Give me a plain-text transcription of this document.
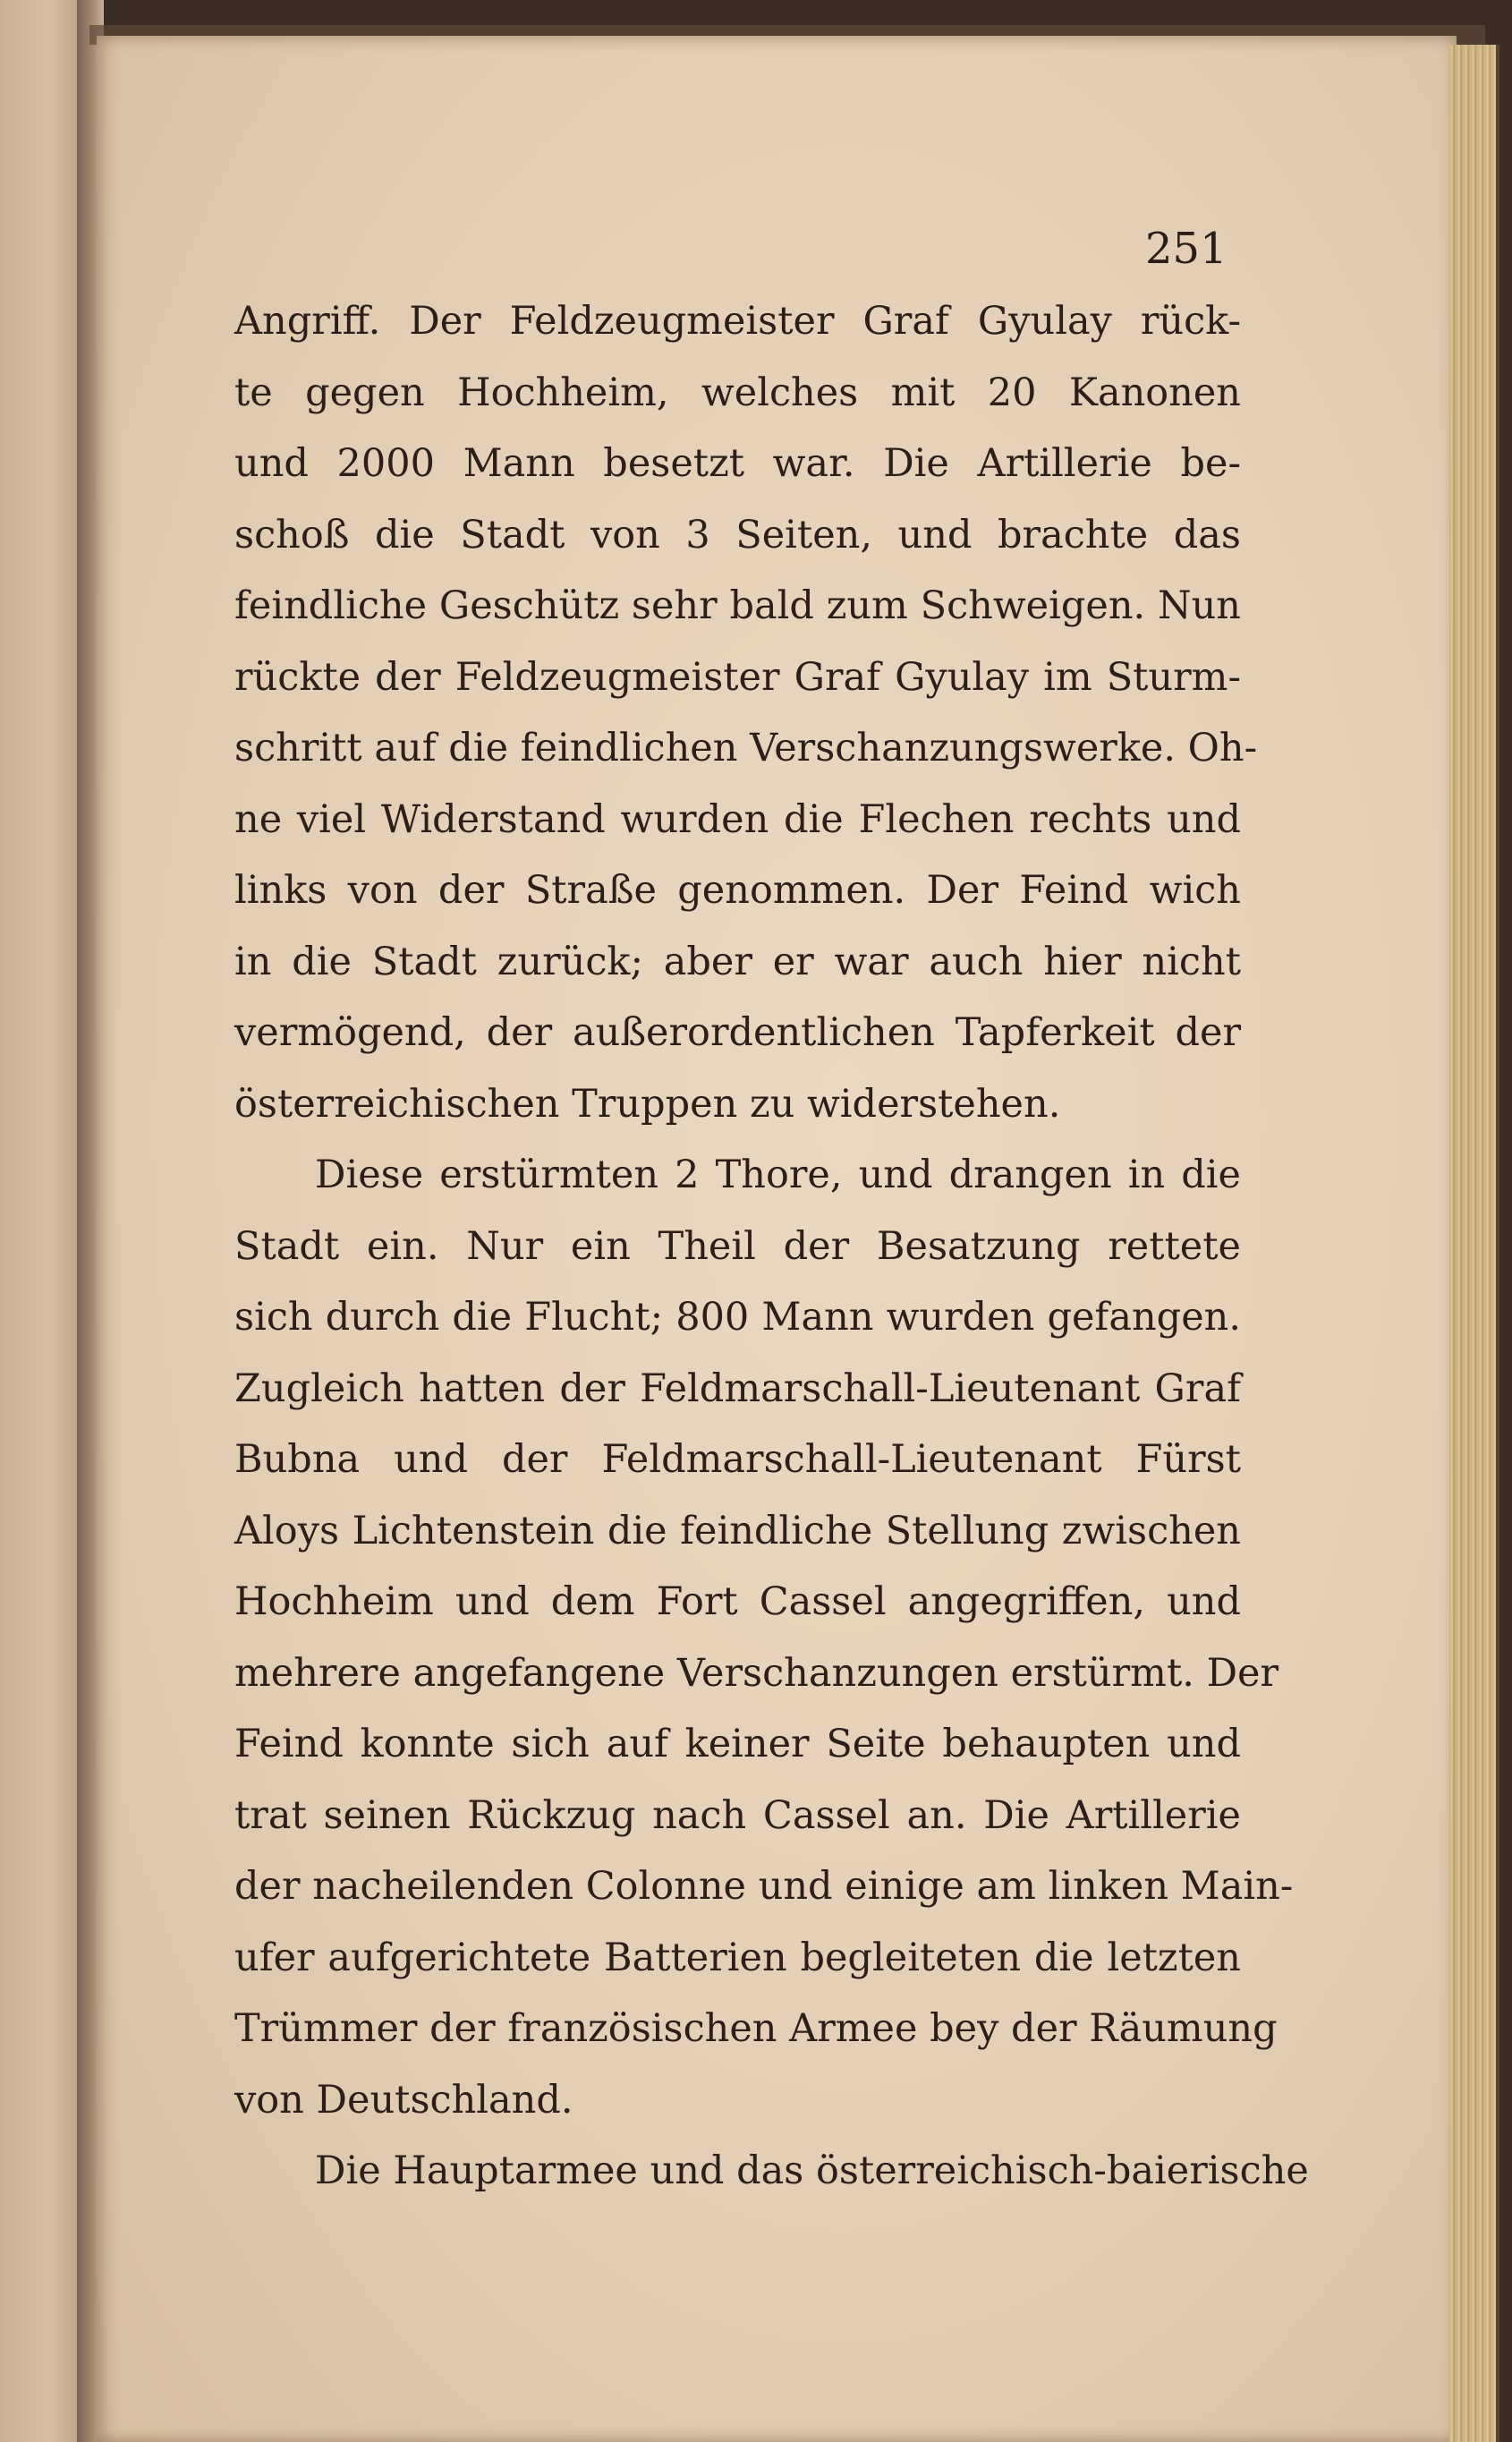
251
Angriff. Der Feldzeugmeister Graf Gyulay rück-
te gegen Hochheim, welches mit 20 Kanonen
und 2000 Mann besetzt war. Die Artillerie be-
schoß die Stadt von 3 Seiten, und brachte das
feindliche Geschütz sehr bald zum Schweigen. Nun
rückte der Feldzeugmeister Graf Gyulay im Sturm-
schritt auf die feindlichen Verschanzungswerke. Oh-
ne viel Widerstand wurden die Flechen rechts und
links von der Straße genommen. Der Feind wich
in die Stadt zurück; aber er war auch hier nicht
vermögend, der außerordentlichen Tapferkeit der
österreichischen Truppen zu widerstehen.
Diese erstürmten 2 Thore, und drangen in die
Stadt ein. Nur ein Theil der Besatzung rettete
sich durch die Flucht; 800 Mann wurden gefangen.
Zugleich hatten der Feldmarschall-Lieutenant Graf
Bubna und der Feldmarschall-Lieutenant Fürst
Aloys Lichtenstein die feindliche Stellung zwischen
Hochheim und dem Fort Cassel angegriffen, und
mehrere angefangene Verschanzungen erstürmt. Der
Feind konnte sich auf keiner Seite behaupten und
trat seinen Rückzug nach Cassel an. Die Artillerie
der nacheilenden Colonne und einige am linken Main-
ufer aufgerichtete Batterien begleiteten die letzten
Trümmer der französischen Armee bey der Räumung
von Deutschland.
Die Hauptarmee und das österreichisch-baierische
